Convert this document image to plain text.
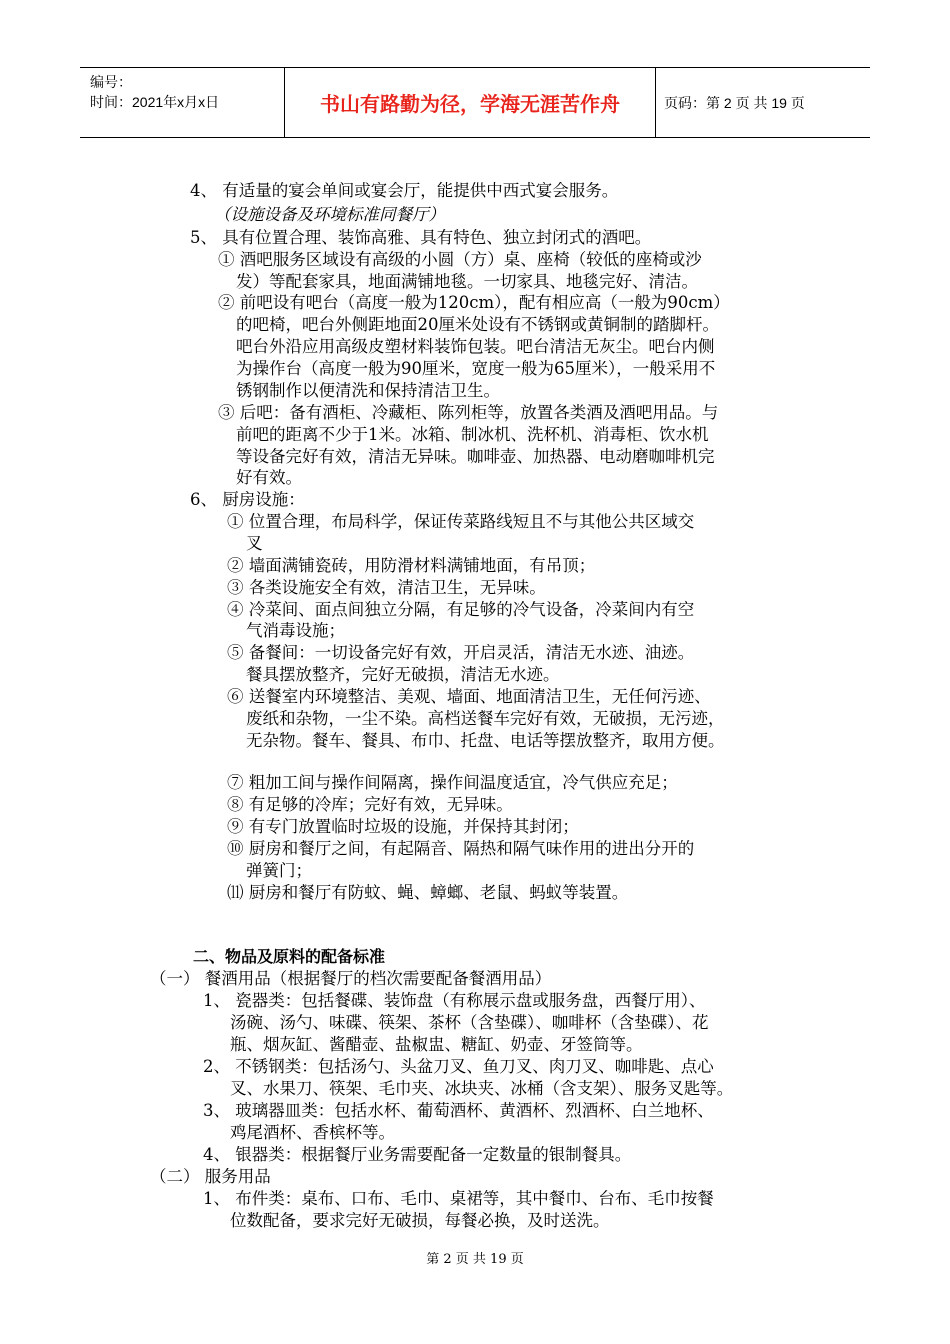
编号：
时间：2021年x月x日	书山有路勤为径，学海无涯苦作舟	页码：第 2 页 共 19 页
4、 有适量的宴会单间或宴会厅，能提供中西式宴会服务。
（设施设备及环境标准同餐厅）
5、 具有位置合理、装饰高雅、具有特色、独立封闭式的酒吧。
① 酒吧服务区域设有高级的小圆（方）桌、座椅（较低的座椅或沙
发）等配套家具，地面满铺地毯。一切家具、地毯完好、清洁。
② 前吧设有吧台（高度一般为120cm），配有相应高（一般为90cm）
的吧椅，吧台外侧距地面20厘米处设有不锈钢或黄铜制的踏脚杆。
吧台外沿应用高级皮塑材料装饰包装。吧台清洁无灰尘。吧台内侧
为操作台（高度一般为90厘米，宽度一般为65厘米），一般采用不
锈钢制作以便清洗和保持清洁卫生。
③ 后吧：备有酒柜、冷藏柜、陈列柜等，放置各类酒及酒吧用品。与
前吧的距离不少于1米。冰箱、制冰机、洗杯机、消毒柜、饮水机
等设备完好有效，清洁无异味。咖啡壶、加热器、电动磨咖啡机完
好有效。
6、 厨房设施：
① 位置合理，布局科学，保证传菜路线短且不与其他公共区域交
叉
② 墙面满铺瓷砖，用防滑材料满铺地面，有吊顶；
③ 各类设施安全有效，清洁卫生，无异味。
④ 冷菜间、面点间独立分隔，有足够的冷气设备，冷菜间内有空
气消毒设施；
⑤ 备餐间：一切设备完好有效，开启灵活，清洁无水迹、油迹。
餐具摆放整齐，完好无破损，清洁无水迹。
⑥ 送餐室内环境整洁、美观、墙面、地面清洁卫生，无任何污迹、
废纸和杂物，一尘不染。高档送餐车完好有效，无破损，无污迹，
无杂物。餐车、餐具、布巾、托盘、电话等摆放整齐，取用方便。
⑦ 粗加工间与操作间隔离，操作间温度适宜，冷气供应充足；
⑧ 有足够的冷库；完好有效，无异味。
⑨ 有专门放置临时垃圾的设施，并保持其封闭；
⑩ 厨房和餐厅之间，有起隔音、隔热和隔气味作用的进出分开的
弹簧门；
⑾ 厨房和餐厅有防蚊、蝇、蟑螂、老鼠、蚂蚁等装置。
二、物品及原料的配备标准
（一） 餐酒用品（根据餐厅的档次需要配备餐酒用品）
1、 瓷器类：包括餐碟、装饰盘（有称展示盘或服务盘，西餐厅用）、
汤碗、汤勺、味碟、筷架、茶杯（含垫碟）、咖啡杯（含垫碟）、花
瓶、烟灰缸、酱醋壶、盐椒盅、糖缸、奶壶、牙签筒等。
2、 不锈钢类：包括汤勺、头盆刀叉、鱼刀叉、肉刀叉、咖啡匙、点心
叉、水果刀、筷架、毛巾夹、冰块夹、冰桶（含支架）、服务叉匙等。
3、 玻璃器皿类：包括水杯、葡萄酒杯、黄酒杯、烈酒杯、白兰地杯、
鸡尾酒杯、香槟杯等。
4、 银器类：根据餐厅业务需要配备一定数量的银制餐具。
（二） 服务用品
1、 布件类：桌布、口布、毛巾、桌裙等，其中餐巾、台布、毛巾按餐
位数配备，要求完好无破损，每餐必换，及时送洗。
第 2 页 共 19 页
